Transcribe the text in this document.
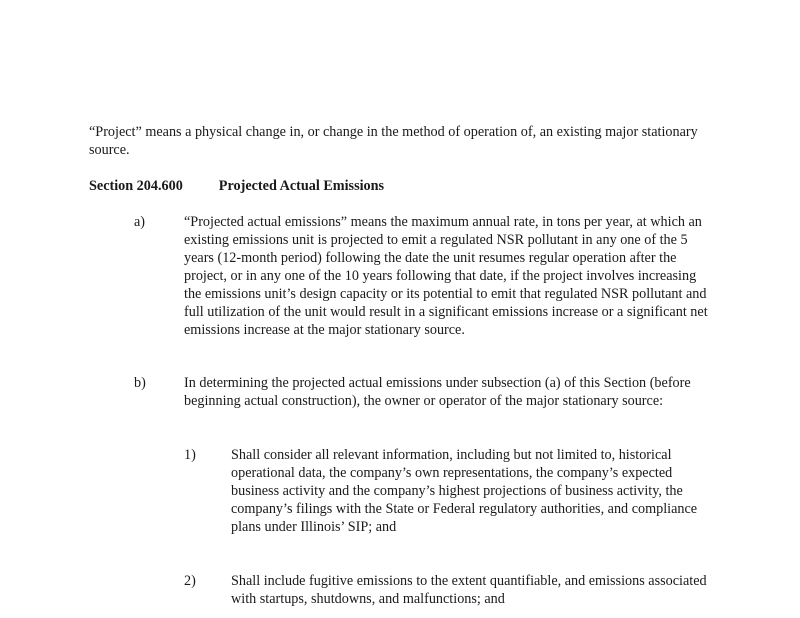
“Project” means a physical change in, or change in the method of operation of, an existing major stationary source.

Section 204.600	Projected Actual Emissions
a)	“Projected actual emissions” means the maximum annual rate, in tons per year, at which an existing emissions unit is projected to emit a regulated NSR pollutant in any one of the 5 years (12-month period) following the date the unit resumes regular operation after the project, or in any one of the 10 years following that date, if the project involves increasing the emissions unit’s design capacity or its potential to emit that regulated NSR pollutant and full utilization of the unit would result in a significant emissions increase or a significant net emissions increase at the major stationary source.

b)	In determining the projected actual emissions under subsection (a) of this Section (before beginning actual construction), the owner or operator of the major stationary source:

1) Shall consider all relevant information, including but not limited to, historical operational data, the company’s own representations, the company’s expected business activity and the company’s highest projections of business activity, the company’s filings with the State or Federal regulatory authorities, and compliance plans under Illinois’ SIP; and

2) Shall include fugitive emissions to the extent quantifiable, and emissions associated with startups, shutdowns, and malfunctions; and
